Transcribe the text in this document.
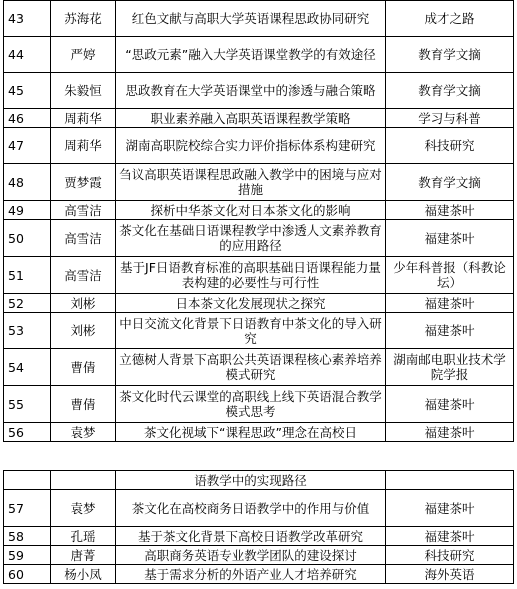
43	苏海花	红色文献与高职大学英语课程思政协同研究	成才之路
44	严婷	“思政元素”融入大学英语课堂教学的有效途径	教育学文摘
45	朱毅恒	思政教育在大学英语课堂中的渗透与融合策略	教育学文摘
46	周莉华	职业素养融入高职英语课程教学策略	学习与科普
47	周莉华	湖南高职院校综合实力评价指标体系构建研究	科技研究
48	贾梦霞	刍议高职英语课程思政融入教学中的困境与应对措施	教育学文摘
49	高雪洁	探析中华茶文化对日本茶文化的影响	福建茶叶
50	高雪洁	茶文化在基础日语课程教学中渗透人文素养教育的应用路径	福建茶叶
51	高雪洁	基于JF日语教育标准的高职基础日语课程能力量表构建的必要性与可行性	少年科普报（科教论坛）
52	刘彬	日本茶文化发展现状之探究	福建茶叶
53	刘彬	中日交流文化背景下日语教育中茶文化的导入研究	福建茶叶
54	曹倩	立德树人背景下高职公共英语课程核心素养培养模式研究	湖南邮电职业技术学院学报
55	曹倩	茶文化时代云课堂的高职线上线下英语混合教学模式思考	福建茶叶
56	袁梦	茶文化视域下“课程思政”理念在高校日	福建茶叶
		语教学中的实现路径	
57	袁梦	茶文化在高校商务日语教学中的作用与价值	福建茶叶
58	孔瑶	基于茶文化背景下高校日语教学改革研究	福建茶叶
59	唐菁	高职商务英语专业教学团队的建设探讨	科技研究
60	杨小凤	基于需求分析的外语产业人才培养研究	海外英语
